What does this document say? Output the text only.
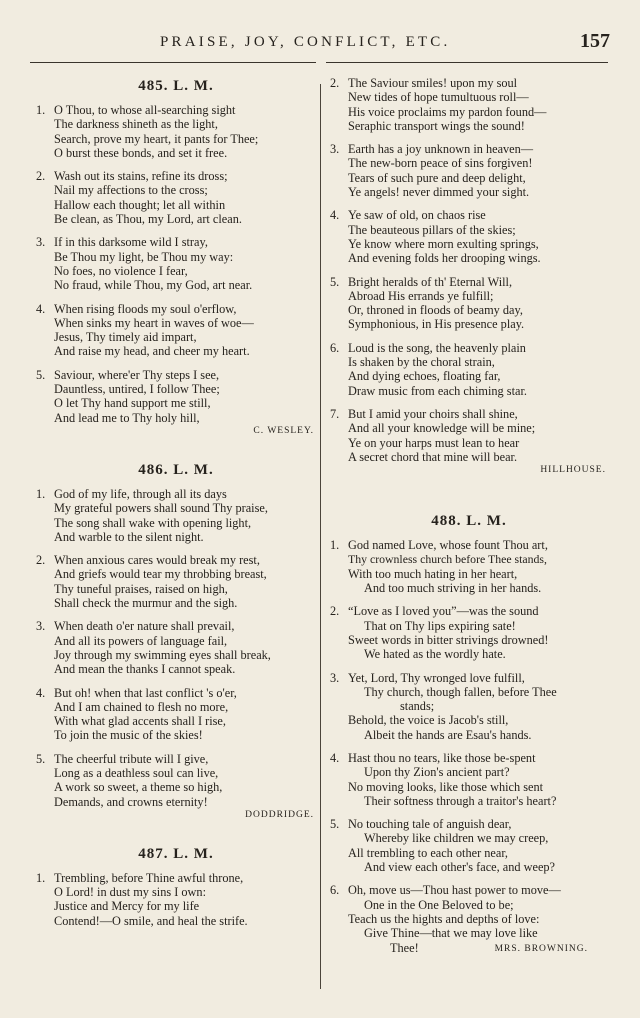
PRAISE, JOY, CONFLICT, ETC.	157
485. L. M.
1. O Thou, to whose all-searching sight
The darkness shineth as the light,
Search, prove my heart, it pants for Thee;
O burst these bonds, and set it free.
2. Wash out its stains, refine its dross;
Nail my affections to the cross;
Hallow each thought; let all within
Be clean, as Thou, my Lord, art clean.
3. If in this darksome wild I stray,
Be Thou my light, be Thou my way:
No foes, no violence I fear,
No fraud, while Thou, my God, art near.
4. When rising floods my soul o'erflow,
When sinks my heart in waves of woe—
Jesus, Thy timely aid impart,
And raise my head, and cheer my heart.
5. Saviour, where'er Thy steps I see,
Dauntless, untired, I follow Thee;
O let Thy hand support me still,
And lead me to Thy holy hill,
C. WESLEY.
486. L. M.
1. God of my life, through all its days
My grateful powers shall sound Thy praise,
The song shall wake with opening light,
And warble to the silent night.
2. When anxious cares would break my rest,
And griefs would tear my throbbing breast,
Thy tuneful praises, raised on high,
Shall check the murmur and the sigh.
3. When death o'er nature shall prevail,
And all its powers of language fail,
Joy through my swimming eyes shall break,
And mean the thanks I cannot speak.
4. But oh! when that last conflict 's o'er,
And I am chained to flesh no more,
With what glad accents shall I rise,
To join the music of the skies!
5. The cheerful tribute will I give,
Long as a deathless soul can live,
A work so sweet, a theme so high,
Demands, and crowns eternity!
DODDRIDGE.
487. L. M.
1. Trembling, before Thine awful throne,
O Lord! in dust my sins I own:
Justice and Mercy for my life
Contend!—O smile, and heal the strife.
2. The Saviour smiles! upon my soul
New tides of hope tumultuous roll—
His voice proclaims my pardon found—
Seraphic transport wings the sound!
3. Earth has a joy unknown in heaven—
The new-born peace of sins forgiven!
Tears of such pure and deep delight,
Ye angels! never dimmed your sight.
4. Ye saw of old, on chaos rise
The beauteous pillars of the skies;
Ye know where morn exulting springs,
And evening folds her drooping wings.
5. Bright heralds of th' Eternal Will,
Abroad His errands ye fulfill;
Or, throned in floods of beamy day,
Symphonious, in His presence play.
6. Loud is the song, the heavenly plain
Is shaken by the choral strain,
And dying echoes, floating far,
Draw music from each chiming star.
7. But I amid your choirs shall shine,
And all your knowledge will be mine;
Ye on your harps must lean to hear
A secret chord that mine will bear.
HILLHOUSE.
488. L. M.
1. God named Love, whose fount Thou art,
Thy crownless church before Thee stands,
With too much hating in her heart,
And too much striving in her hands.
2. “Love as I loved you”—was the sound
That on Thy lips expiring sate!
Sweet words in bitter strivings drowned!
We hated as the wordly hate.
3. Yet, Lord, Thy wronged love fulfill,
Thy church, though fallen, before Thee
stands;
Behold, the voice is Jacob's still,
Albeit the hands are Esau's hands.
4. Hast thou no tears, like those be-spent
Upon thy Zion's ancient part?
No moving looks, like those which sent
Their softness through a traitor's heart?
5. No touching tale of anguish dear,
Whereby like children we may creep,
All trembling to each other near,
And view each other's face, and weep?
6. Oh, move us—Thou hast power to move—
One in the One Beloved to be;
Teach us the hights and depths of love:
Give Thine—that we may love like
Thee!	MRS. BROWNING.
